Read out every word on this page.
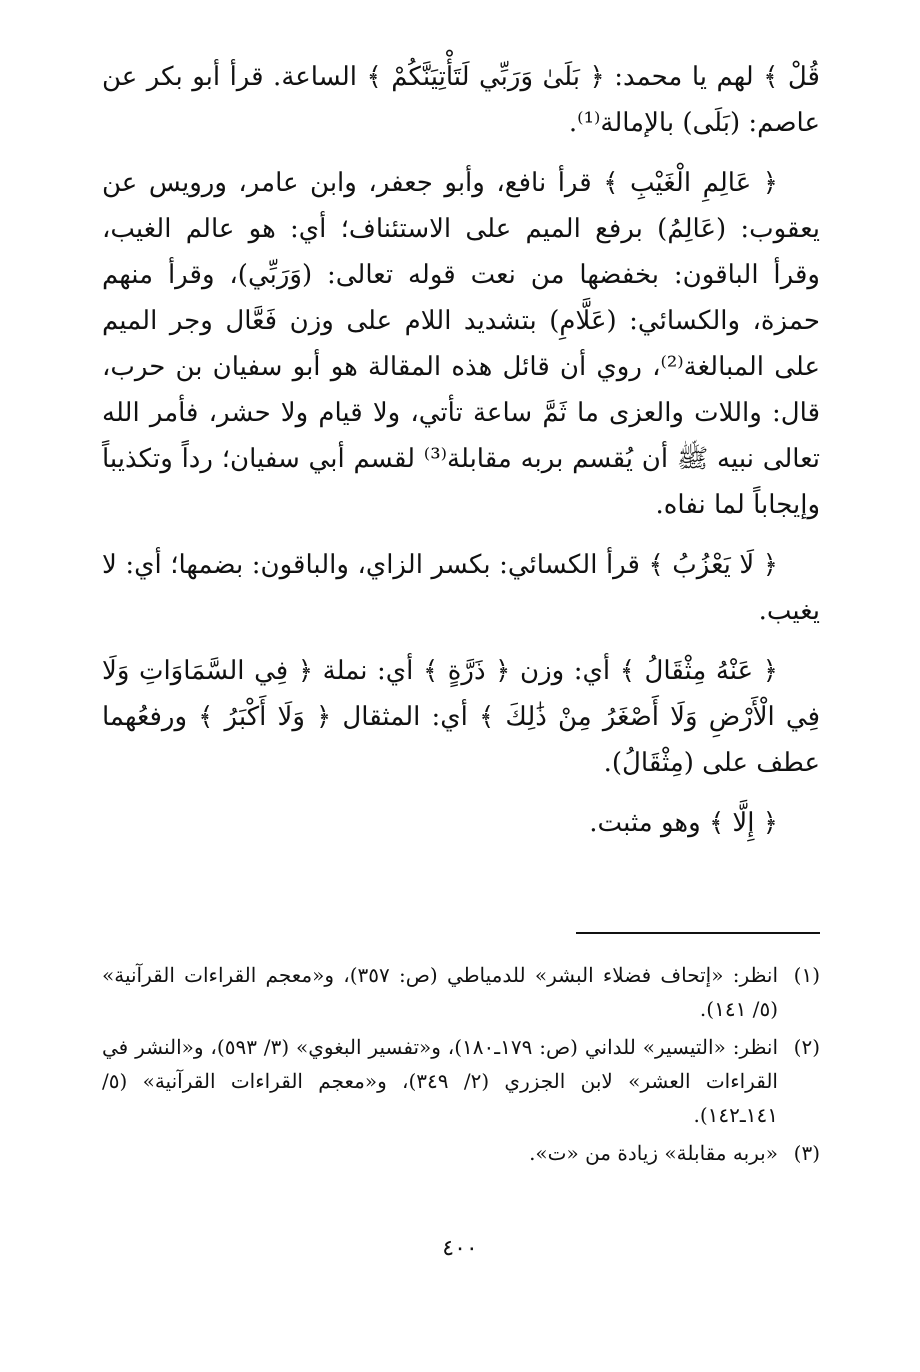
قُلْ ﴾ لهم يا محمد: ﴿ بَلَىٰ وَرَبِّي لَتَأْتِيَنَّكُمْ ﴾ الساعة. قرأ أبو بكر عن عاصم: (بَلَى) بالإمالة⁽¹⁾.

﴿ عَالِمِ الْغَيْبِ ﴾ قرأ نافع، وأبو جعفر، وابن عامر، ورويس عن يعقوب: (عَالِمُ) برفع الميم على الاستئناف؛ أي: هو عالم الغيب، وقرأ الباقون: بخفضها من نعت قوله تعالى: (وَرَبِّي)، وقرأ منهم حمزة، والكسائي: (عَلَّامِ) بتشديد اللام على وزن فَعَّال وجر الميم على المبالغة⁽²⁾، روي أن قائل هذه المقالة هو أبو سفيان بن حرب، قال: واللات والعزى ما ثَمَّ ساعة تأتي، ولا قيام ولا حشر، فأمر الله تعالى نبيه ﷺ أن يُقسم بربه مقابلة⁽³⁾ لقسم أبي سفيان؛ رداً وتكذيباً وإيجاباً لما نفاه.

﴿ لَا يَعْزُبُ ﴾ قرأ الكسائي: بكسر الزاي، والباقون: بضمها؛ أي: لا يغيب.

﴿ عَنْهُ مِثْقَالُ ﴾ أي: وزن ﴿ ذَرَّةٍ ﴾ أي: نملة ﴿ فِي السَّمَاوَاتِ وَلَا فِي الْأَرْضِ وَلَا أَصْغَرُ مِنْ ذَٰلِكَ ﴾ أي: المثقال ﴿ وَلَا أَكْبَرُ ﴾ ورفعُهما عطف على (مِثْقَالُ).

﴿ إِلَّا ﴾ وهو مثبت.

(١)
انظر: «إتحاف فضلاء البشر» للدمياطي (ص: ٣٥٧)، و«معجم القراءات القرآنية» (٥/ ١٤١).
(٢)
انظر: «التيسير» للداني (ص: ١٧٩ـ١٨٠)، و«تفسير البغوي» (٣/ ٥٩٣)، و«النشر في القراءات العشر» لابن الجزري (٢/ ٣٤٩)، و«معجم القراءات القرآنية» (٥/ ١٤١ـ١٤٢).
(٣)
«بربه مقابلة» زيادة من «ت».
٤٠٠
